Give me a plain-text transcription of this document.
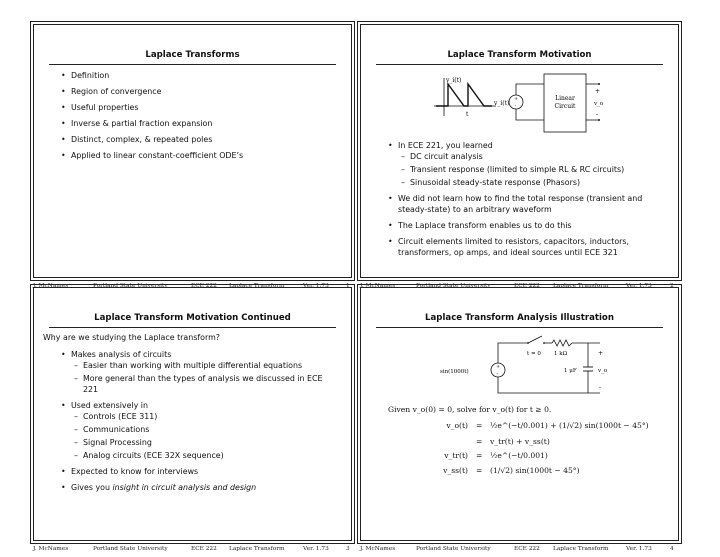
Laplace Transforms
• Definition
• Region of convergence
• Useful properties
• Inverse & partial fraction expansion
• Distinct, complex, & repeated poles
• Applied to linear constant-coefficient ODE’s
J. McNames	Portland State University	ECE 222 Laplace Transform	Ver. 1.73	1
Laplace Transform Motivation
v_i(t)
t
+
-
v_i(t)
Linear
Circuit
+
v_o
-
• In ECE 221, you learned
– DC circuit analysis
– Transient response (limited to simple RL & RC circuits)
– Sinusoidal steady-state response (Phasors)
• We did not learn how to find the total response (transient and steady-state) to an arbitrary waveform
• The Laplace transform enables us to do this
• Circuit elements limited to resistors, capacitors, inductors, transformers, op amps, and ideal sources until ECE 321
J. McNames	Portland State University	ECE 222 Laplace Transform	Ver. 1.73	2
Laplace Transform Motivation Continued
Why are we studying the Laplace transform?
• Makes analysis of circuits
– Easier than working with multiple differential equations
– More general than the types of analysis we discussed in ECE 221
• Used extensively in
– Controls (ECE 311)
– Communications
– Signal Processing
– Analog circuits (ECE 32X sequence)
• Expected to know for interviews
• Gives you insight in circuit analysis and design
J. McNames	Portland State University	ECE 222 Laplace Transform	Ver. 1.73	3
Laplace Transform Analysis Illustration
t = 0 1 kΩ
+
-
sin(1000t)	1 μF
+
v_o
-
Given v_o(0) = 0, solve for v_o(t) for t ≥ 0.
v_o(t) = ½e^(−t/0.001) + (1/√2) sin(1000t − 45°)
= v_tr(t) + v_ss(t)
v_tr(t) = ½e^(−t/0.001)
v_ss(t) = (1/√2) sin(1000t − 45°)
J. McNames	Portland State University	ECE 222 Laplace Transform	Ver. 1.73	4
